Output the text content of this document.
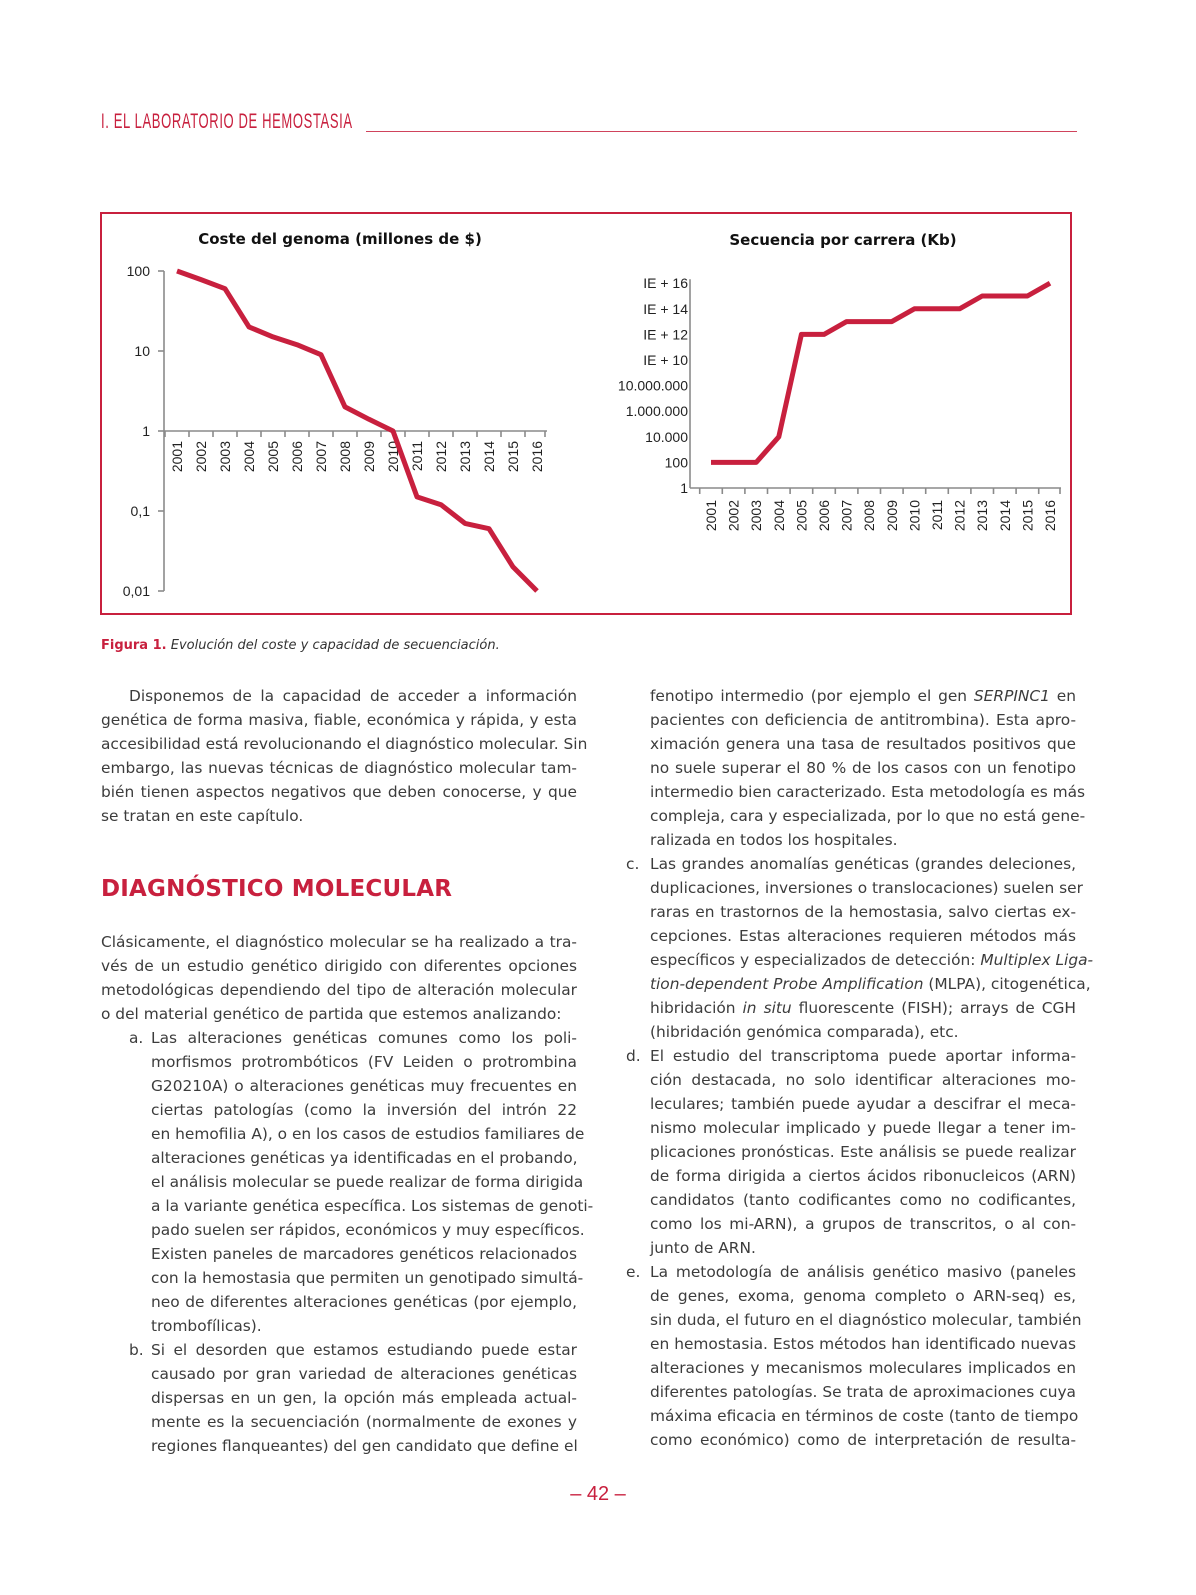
I. EL LABORATORIO DE HEMOSTASIA
Coste del genoma (millones de $)
100
10
1
0,1
0,01
2001 2002 2003 2004 2005 2006 2007 2008 2009 2010 2011 2012 2013 2014 2015 2016
Secuencia por carrera (Kb)
1
100
10.000
1.000.000
10.000.000
IE + 10
IE + 12
IE + 14
IE + 16
2001 2002 2003 2004 2005 2006 2007 2008 2009 2010 2011 2012 2013 2014 2015 2016
Figura 1. Evolución del coste y capacidad de secuenciación.
Disponemos de la capacidad de acceder a información
genética de forma masiva, fiable, económica y rápida, y esta
accesibilidad está revolucionando el diagnóstico molecular. Sin
embargo, las nuevas técnicas de diagnóstico molecular tam-
bién tienen aspectos negativos que deben conocerse, y que
se tratan en este capítulo.
DIAGNÓSTICO MOLECULAR
Clásicamente, el diagnóstico molecular se ha realizado a tra-
vés de un estudio genético dirigido con diferentes opciones
metodológicas dependiendo del tipo de alteración molecular
o del material genético de partida que estemos analizando:
a. Las alteraciones genéticas comunes como los poli-
morfismos protrombóticos (FV Leiden o protrombina
G20210A) o alteraciones genéticas muy frecuentes en
ciertas patologías (como la inversión del intrón 22
en hemofilia A), o en los casos de estudios familiares de
alteraciones genéticas ya identificadas en el probando,
el análisis molecular se puede realizar de forma dirigida
a la variante genética específica. Los sistemas de genoti-
pado suelen ser rápidos, económicos y muy específicos.
Existen paneles de marcadores genéticos relacionados
con la hemostasia que permiten un genotipado simultá-
neo de diferentes alteraciones genéticas (por ejemplo,
trombofílicas).
b. Si el desorden que estamos estudiando puede estar
causado por gran variedad de alteraciones genéticas
dispersas en un gen, la opción más empleada actual-
mente es la secuenciación (normalmente de exones y
regiones flanqueantes) del gen candidato que define el
fenotipo intermedio (por ejemplo el gen SERPINC1 en
pacientes con deficiencia de antitrombina). Esta apro-
ximación genera una tasa de resultados positivos que
no suele superar el 80 % de los casos con un fenotipo
intermedio bien caracterizado. Esta metodología es más
compleja, cara y especializada, por lo que no está gene-
ralizada en todos los hospitales.
c. Las grandes anomalías genéticas (grandes deleciones,
duplicaciones, inversiones o translocaciones) suelen ser
raras en trastornos de la hemostasia, salvo ciertas ex-
cepciones. Estas alteraciones requieren métodos más
específicos y especializados de detección: Multiplex Liga-
tion-dependent Probe Amplification (MLPA), citogenética,
hibridación in situ fluorescente (FISH); arrays de CGH
(hibridación genómica comparada), etc.
d. El estudio del transcriptoma puede aportar informa-
ción destacada, no solo identificar alteraciones mo-
leculares; también puede ayudar a descifrar el meca-
nismo molecular implicado y puede llegar a tener im-
plicaciones pronósticas. Este análisis se puede realizar
de forma dirigida a ciertos ácidos ribonucleicos (ARN)
candidatos (tanto codificantes como no codificantes,
como los mi-ARN), a grupos de transcritos, o al con-
junto de ARN.
e. La metodología de análisis genético masivo (paneles
de genes, exoma, genoma completo o ARN-seq) es,
sin duda, el futuro en el diagnóstico molecular, también
en hemostasia. Estos métodos han identificado nuevas
alteraciones y mecanismos moleculares implicados en
diferentes patologías. Se trata de aproximaciones cuya
máxima eficacia en términos de coste (tanto de tiempo
como económico) como de interpretación de resulta-
– 42 –
